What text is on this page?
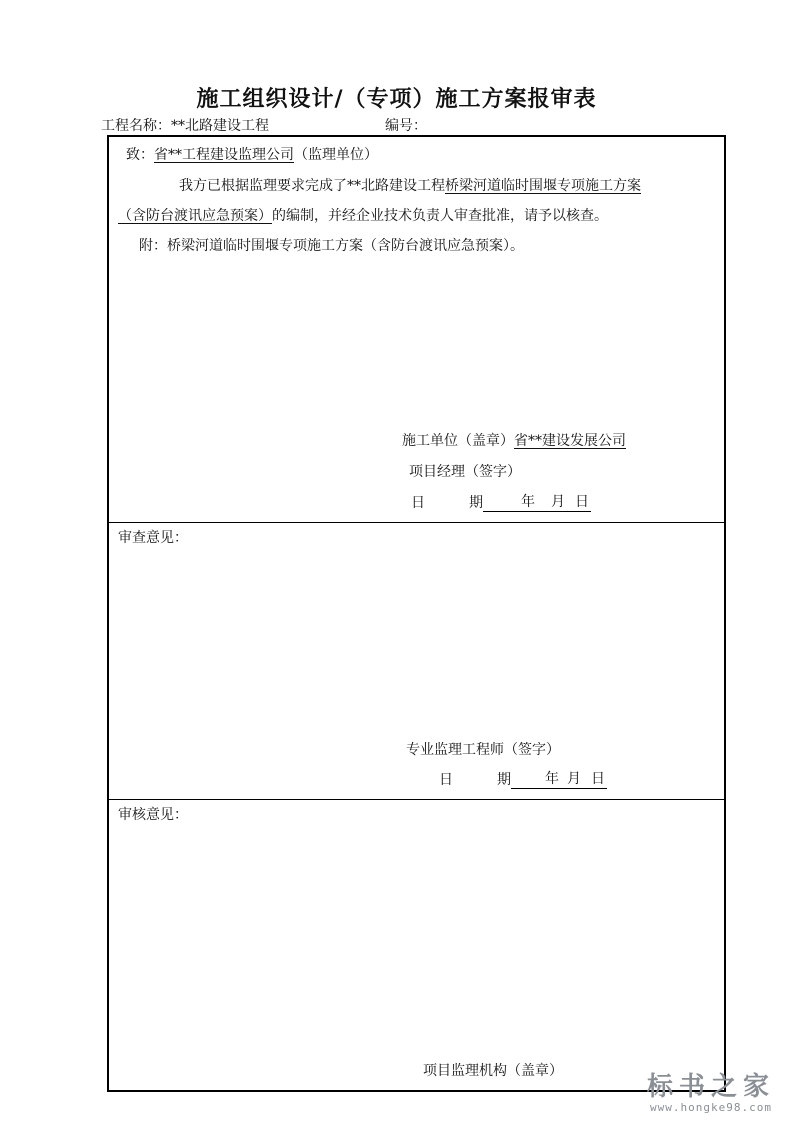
施工组织设计/（专项）施工方案报审表
工程名称：**北路建设工程	编号：
致：省**工程建设监理公司（监理单位）
我方已根据监理要求完成了**北路建设工程桥梁河道临时围堰专项施工方案
（含防台渡讯应急预案）的编制，并经企业技术负责人审查批准，请予以核查。
附：桥梁河道临时围堰专项施工方案（含防台渡讯应急预案）。
施工单位（盖章）省**建设发展公司
项目经理（签字）
日	期	年 月 日
审查意见：
专业监理工程师（签字）
日	期 年 月 日
审核意见：
项目监理机构（盖章）
标书之家
www.hongke98.com
